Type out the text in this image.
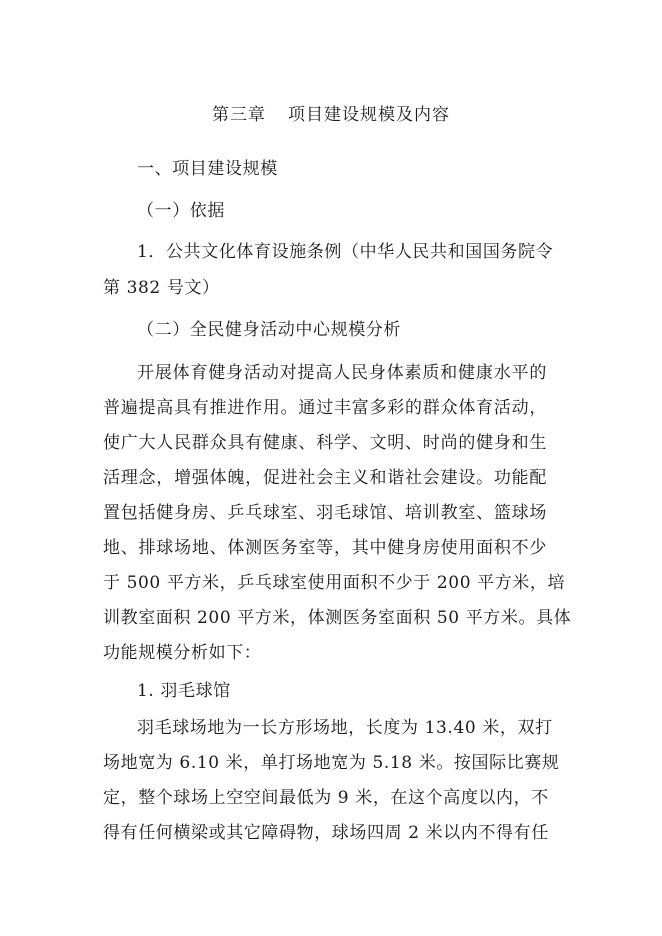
第三章 项目建设规模及内容
一、项目建设规模
（一）依据
1．公共文化体育设施条例（中华人民共和国国务院令
第 382 号文）
（二）全民健身活动中心规模分析
开展体育健身活动对提高人民身体素质和健康水平的
普遍提高具有推进作用。通过丰富多彩的群众体育活动，
使广大人民群众具有健康、科学、文明、时尚的健身和生
活理念，增强体魄，促进社会主义和谐社会建设。功能配
置包括健身房、乒乓球室、羽毛球馆、培训教室、篮球场
地、排球场地、体测医务室等，其中健身房使用面积不少
于 500 平方米，乒乓球室使用面积不少于 200 平方米，培
训教室面积 200 平方米，体测医务室面积 50 平方米。具体
功能规模分析如下：
1. 羽毛球馆
羽毛球场地为一长方形场地，长度为 13.40 米，双打
场地宽为 6.10 米，单打场地宽为 5.18 米。按国际比赛规
定，整个球场上空空间最低为 9 米，在这个高度以内，不
得有任何横梁或其它障碍物，球场四周 2 米以内不得有任
